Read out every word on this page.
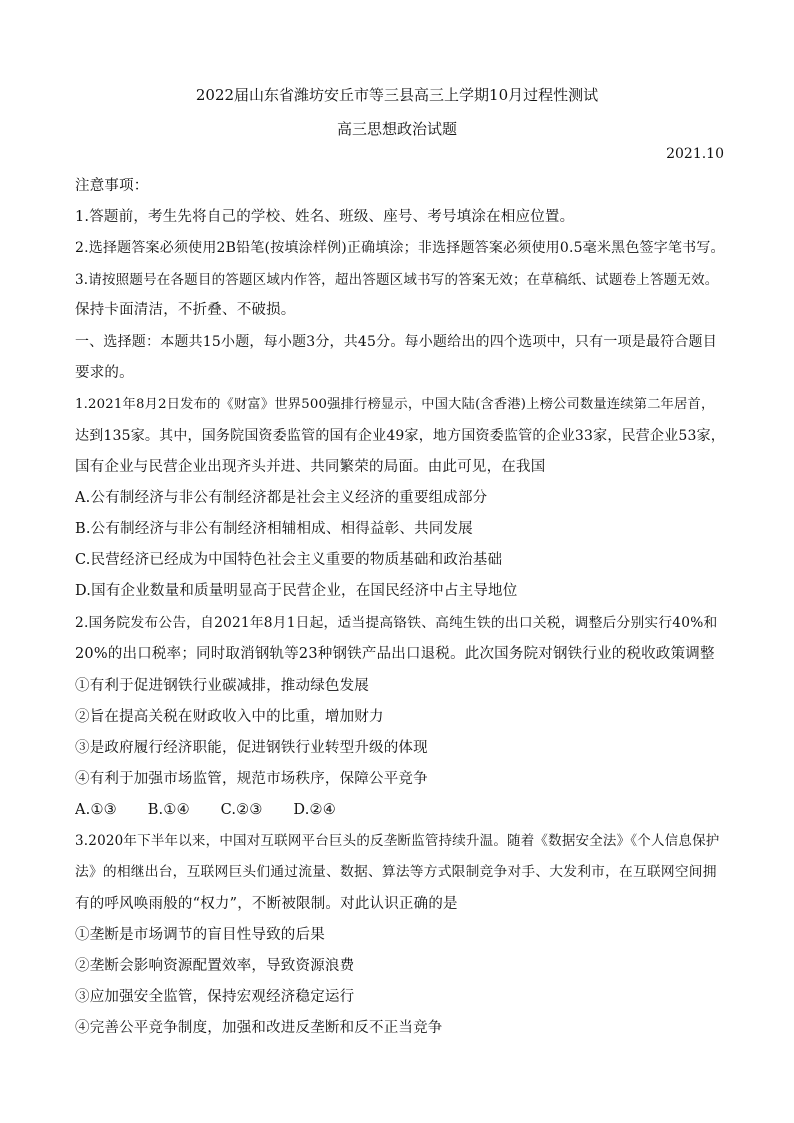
2022届山东省潍坊安丘市等三县高三上学期10月过程性测试
高三思想政治试题
2021.10
注意事项：
1.答题前，考生先将自己的学校、姓名、班级、座号、考号填涂在相应位置。
2.选择题答案必须使用2B铅笔(按填涂样例)正确填涂；非选择题答案必须使用0.5毫米黑色签字笔书写。
3.请按照题号在各题目的答题区域内作答，超出答题区域书写的答案无效；在草稿纸、试题卷上答题无效。
保持卡面清洁，不折叠、不破损。
一、选择题：本题共15小题，每小题3分，共45分。每小题给出的四个选项中，只有一项是最符合题目
要求的。
1.2021年8月2日发布的《财富》世界500强排行榜显示，中国大陆(含香港)上榜公司数量连续第二年居首，
达到135家。其中，国务院国资委监管的国有企业49家，地方国资委监管的企业33家，民营企业53家，
国有企业与民营企业出现齐头并进、共同繁荣的局面。由此可见，在我国
A.公有制经济与非公有制经济都是社会主义经济的重要组成部分
B.公有制经济与非公有制经济相辅相成、相得益彰、共同发展
C.民营经济已经成为中国特色社会主义重要的物质基础和政治基础
D.国有企业数量和质量明显高于民营企业，在国民经济中占主导地位
2.国务院发布公告，自2021年8月1日起，适当提高铬铁、高纯生铁的出口关税，调整后分别实行40%和
20%的出口税率；同时取消钢轨等23种钢铁产品出口退税。此次国务院对钢铁行业的税收政策调整
①有利于促进钢铁行业碳减排，推动绿色发展
②旨在提高关税在财政收入中的比重，增加财力
③是政府履行经济职能，促进钢铁行业转型升级的体现
④有利于加强市场监管，规范市场秩序，保障公平竞争
A.①③ B.①④ C.②③ D.②④
3.2020年下半年以来，中国对互联网平台巨头的反垄断监管持续升温。随着《数据安全法》《个人信息保护
法》的相继出台，互联网巨头们通过流量、数据、算法等方式限制竞争对手、大发利市，在互联网空间拥
有的呼风唤雨般的“权力”，不断被限制。对此认识正确的是
①垄断是市场调节的盲目性导致的后果
②垄断会影响资源配置效率，导致资源浪费
③应加强安全监管，保持宏观经济稳定运行
④完善公平竞争制度，加强和改进反垄断和反不正当竞争
